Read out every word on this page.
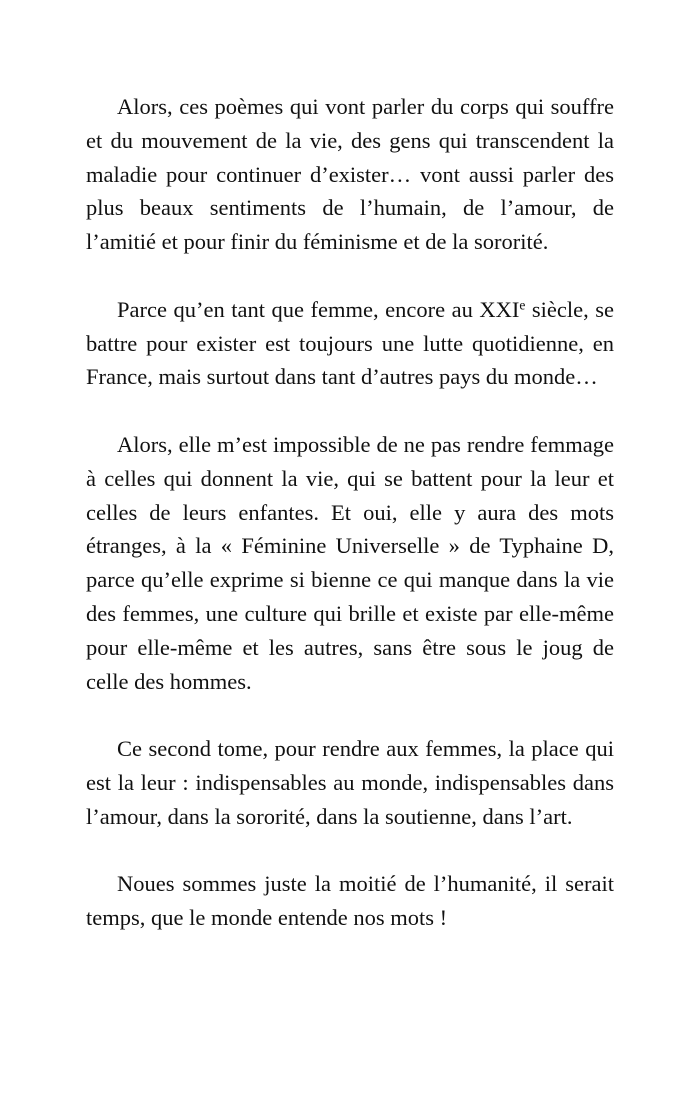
Alors, ces poèmes qui vont parler du corps qui souffre et du mouvement de la vie, des gens qui transcendent la maladie pour continuer d’exister… vont aussi parler des plus beaux sentiments de l’humain, de l’amour, de l’amitié et pour finir du féminisme et de la sororité.

Parce qu’en tant que femme, encore au XXIe siècle, se battre pour exister est toujours une lutte quotidienne, en France, mais surtout dans tant d’autres pays du monde…

Alors, elle m’est impossible de ne pas rendre femmage à celles qui donnent la vie, qui se battent pour la leur et celles de leurs enfantes. Et oui, elle y aura des mots étranges, à la « Féminine Universelle » de Typhaine D, parce qu’elle exprime si bienne ce qui manque dans la vie des femmes, une culture qui brille et existe par elle-même pour elle-même et les autres, sans être sous le joug de celle des hommes.

Ce second tome, pour rendre aux femmes, la place qui est la leur : indispensables au monde, indispensables dans l’amour, dans la sororité, dans la soutienne, dans l’art.

Noues sommes juste la moitié de l’humanité, il serait temps, que le monde entende nos mots !
